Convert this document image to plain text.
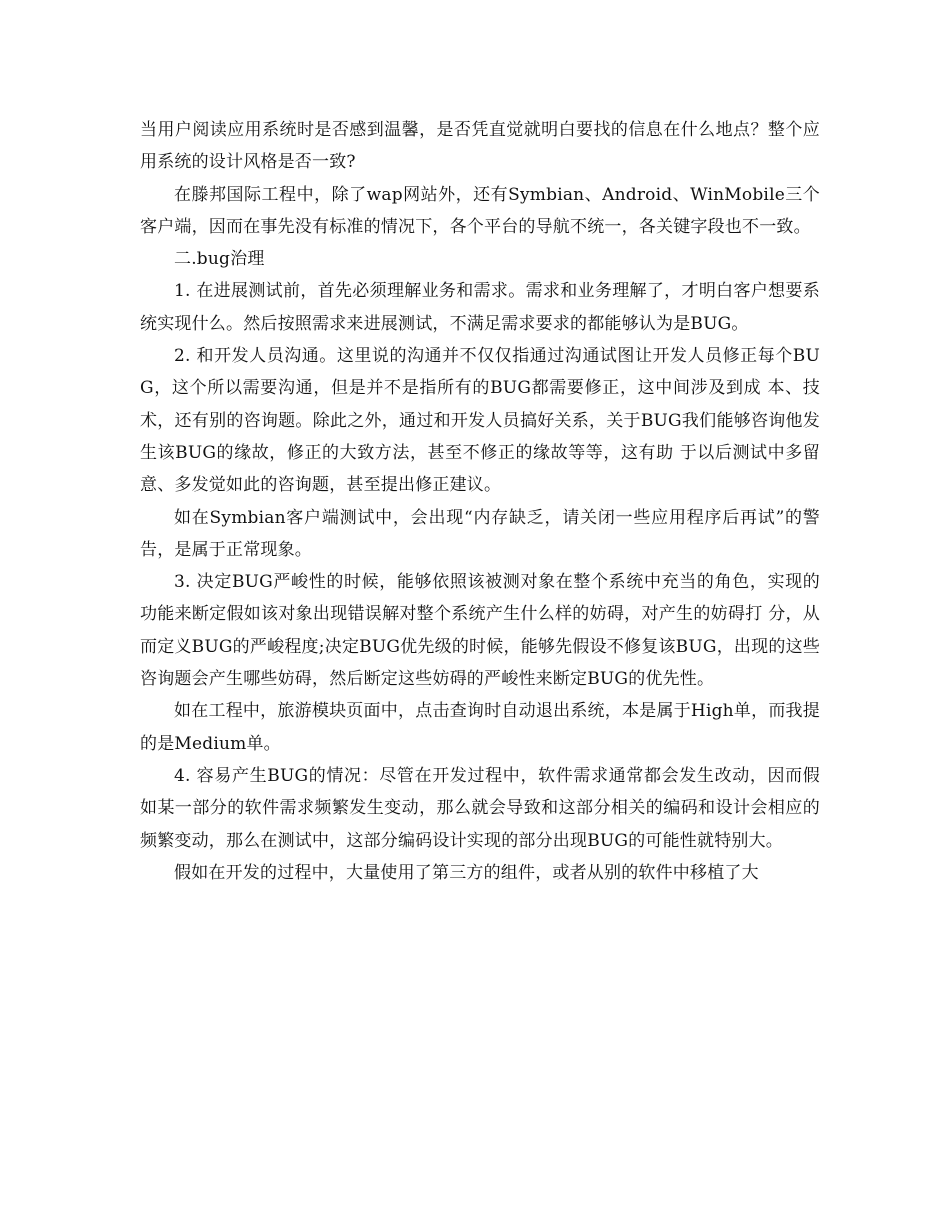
当用户阅读应用系统时是否感到温馨，是否凭直觉就明白要找的信息在什么地点？整个应用系统的设计风格是否一致?

在滕邦国际工程中，除了wap网站外，还有Symbian、Android、WinMobile三个客户端，因而在事先没有标准的情况下，各个平台的导航不统一，各关键字段也不一致。

二.bug治理

1. 在进展测试前，首先必须理解业务和需求。需求和业务理解了，才明白客户想要系统实现什么。然后按照需求来进展测试，不满足需求要求的都能够认为是BUG。

2. 和开发人员沟通。这里说的沟通并不仅仅指通过沟通试图让开发人员修正每个BUG，这个所以需要沟通，但是并不是指所有的BUG都需要修正，这中间涉及到成 本、技术，还有别的咨询题。除此之外，通过和开发人员搞好关系，关于BUG我们能够咨询他发生该BUG的缘故，修正的大致方法，甚至不修正的缘故等等，这有助 于以后测试中多留意、多发觉如此的咨询题，甚至提出修正建议。

如在Symbian客户端测试中，会出现“内存缺乏，请关闭一些应用程序后再试”的警告，是属于正常现象。

3. 决定BUG严峻性的时候，能够依照该被测对象在整个系统中充当的角色，实现的功能来断定假如该对象出现错误解对整个系统产生什么样的妨碍，对产生的妨碍打 分，从而定义BUG的严峻程度;决定BUG优先级的时候，能够先假设不修复该BUG，出现的这些咨询题会产生哪些妨碍，然后断定这些妨碍的严峻性来断定BUG的优先性。

如在工程中，旅游模块页面中，点击查询时自动退出系统，本是属于High单，而我提的是Medium单。

4. 容易产生BUG的情况：尽管在开发过程中，软件需求通常都会发生改动，因而假如某一部分的软件需求频繁发生变动，那么就会导致和这部分相关的编码和设计会相应的频繁变动，那么在测试中，这部分编码设计实现的部分出现BUG的可能性就特别大。

假如在开发的过程中，大量使用了第三方的组件，或者从别的软件中移植了大
